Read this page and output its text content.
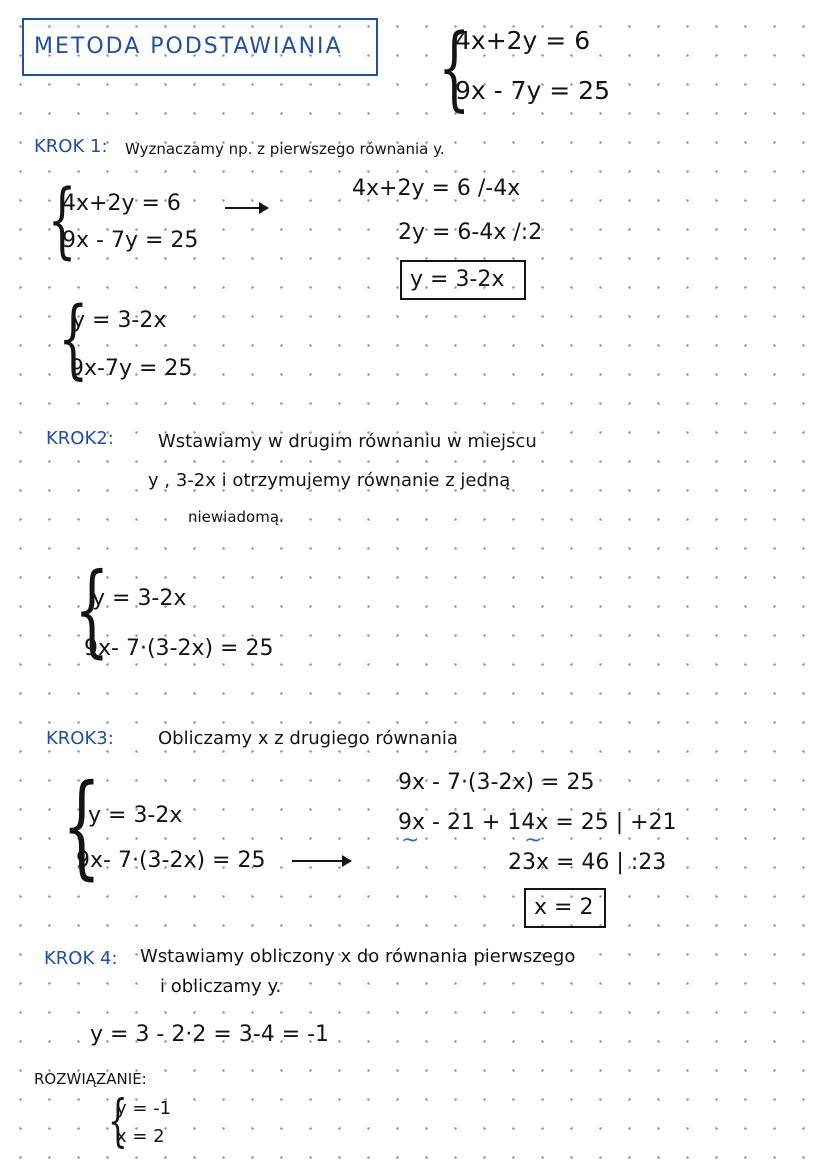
METODA PODSTAWIANIA {
4x+2y = 6
9x - 7y = 25
KROK 1: Wyznaczamy np. z pierwszego równania y.
{
4x+2y = 6
9x - 7y = 25
4x+2y = 6 /-4x
2y = 6-4x /:2
y = 3-2x
{
y = 3-2x
9x-7y = 25
KROK2: Wstawiamy w drugim równaniu w miejscu
y , 3-2x i otrzymujemy równanie z jedną
niewiadomą.
{
y = 3-2x
9x- 7·(3-2x) = 25
KROK3: Obliczamy x z drugiego równania
{
y = 3-2x
9x- 7·(3-2x) = 25
9x - 7·(3-2x) = 25
9x - 21 + 14x = 25 | +21
~	~
23x = 46 | :23
x = 2
KROK 4: Wstawiamy obliczony x do równania pierwszego
i obliczamy y.
y = 3 - 2·2 = 3-4 = -1
ROZWIĄZANIE:
{
y = -1
x = 2
